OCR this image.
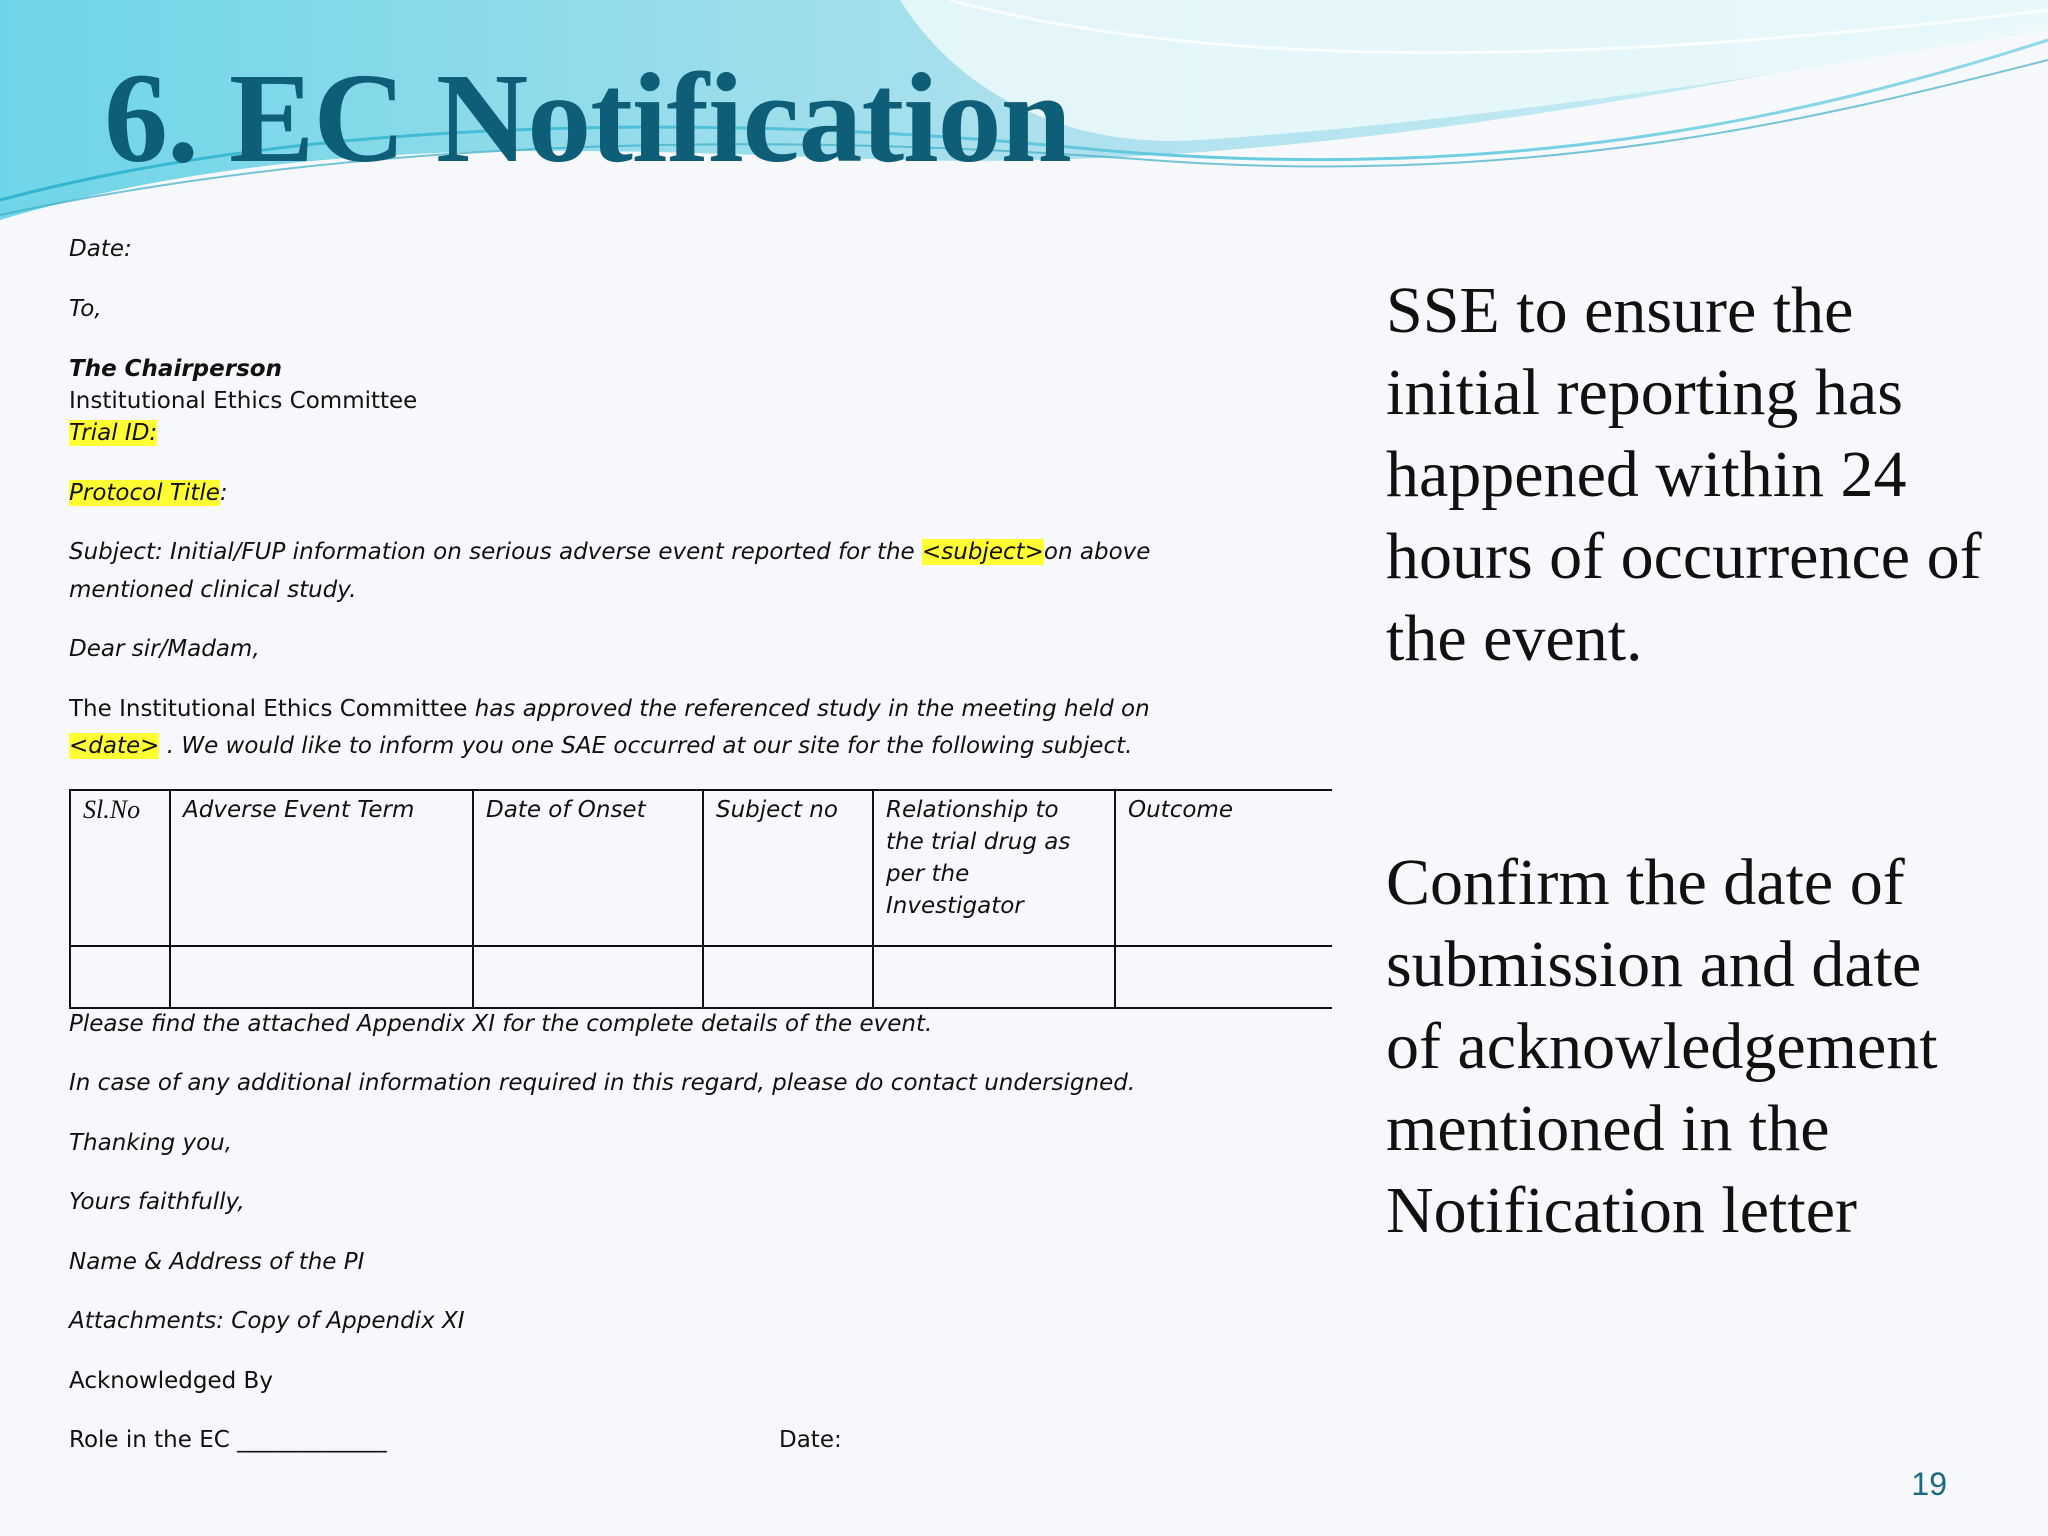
6. EC Notification
Date:
To,
The Chairperson
Institutional Ethics Committee
Trial ID:
Protocol Title:
Subject: Initial/FUP information on serious adverse event reported for the <subject>on above
mentioned clinical study.
Dear sir/Madam,
The Institutional Ethics Committee has approved the referenced study in the meeting held on
<date> . We would like to inform you one SAE occurred at our site for the following subject.
Please find the attached Appendix XI for the complete details of the event.
In case of any additional information required in this regard, please do contact undersigned.
Thanking you,
Yours faithfully,
Name & Address of the PI
Attachments: Copy of Appendix XI
Acknowledged By
Role in the EC _____________	Date:
Sl.No	Adverse Event Term	Date of Onset	Subject no	Relationship to the trial drug as per the Investigator	Outcome

SSE to ensure the initial reporting has happened within 24 hours of occurrence of the event.

Confirm the date of submission and date of acknowledgement mentioned in the Notification letter

19
